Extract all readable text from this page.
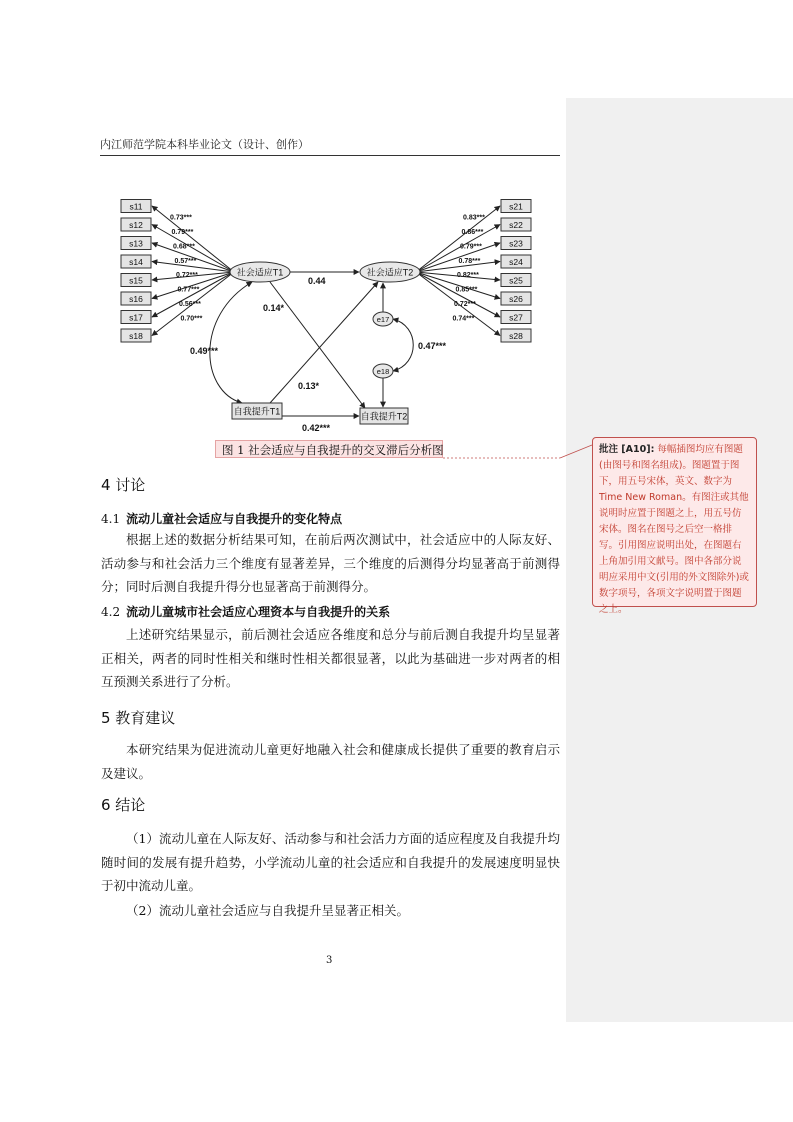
内江师范学院本科毕业论文（设计、创作）
社会适应T1	社会适应T2
s11
0.73***
s12
0.79***
s13	0.68***
s14	0.57***
s15	0.72***
s16
0.77***
s17
0.56***
s18
0.70***
s21
0.83***
s22
0.86***
s23
0.79***
s24
0.78***
s25
0.82***
s26
0.85***
s27
0.72***
s28
0.74***
自我提升T1	自我提升T2
0.44
0.42***
0.14*
0.13*
0.49***
e17
e18
0.47***
图 1 社会适应与自我提升的交叉滞后分析图
4 讨论
4.1 流动儿童社会适应与自我提升的变化特点

根据上述的数据分析结果可知，在前后两次测试中，社会适应中的人际友好、活动参与和社会活力三个维度有显著差异，三个维度的后测得分均显著高于前测得分；同时后测自我提升得分也显著高于前测得分。

4.2 流动儿童城市社会适应心理资本与自我提升的关系

上述研究结果显示，前后测社会适应各维度和总分与前后测自我提升均呈显著正相关，两者的同时性相关和继时性相关都很显著，以此为基础进一步对两者的相互预测关系进行了分析。

5 教育建议

本研究结果为促进流动儿童更好地融入社会和健康成长提供了重要的教育启示及建议。

6 结论

（1）流动儿童在人际友好、活动参与和社会活力方面的适应程度及自我提升均随时间的发展有提升趋势，小学流动儿童的社会适应和自我提升的发展速度明显快于初中流动儿童。

（2）流动儿童社会适应与自我提升呈显著正相关。

3
批注 [A10]: 每幅插图均应有图题(由图号和图名组成)。图题置于图下，用五号宋体，英文、数字为 Time New Roman。有图注或其他说明时应置于图题之上，用五号仿宋体。图名在图号之后空一格排写。引用图应说明出处，在图题右上角加引用文献号。图中各部分说明应采用中文(引用的外文图除外)或数字项号，各项文字说明置于图题之上。
